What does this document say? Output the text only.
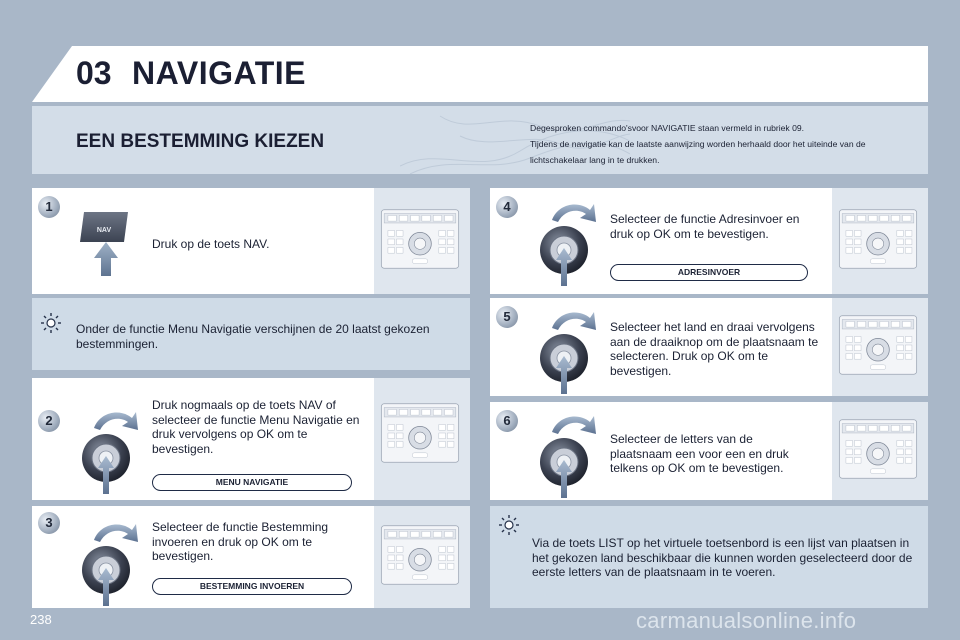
03 NAVIGATIE
EEN BESTEMMING KIEZEN
Degesproken commando'svoor NAVIGATIE staan vermeld in rubriek 09.
Tijdens de navigatie kan de laatste aanwijzing worden herhaald door het uiteinde van de lichtschakelaar lang in te drukken.
1
NAV
Druk op de toets NAV.
Onder de functie Menu Navigatie verschijnen de 20 laatst gekozen bestemmingen.
2
Druk nogmaals op de toets NAV of selecteer de functie Menu Navigatie en druk vervolgens op OK om te bevestigen.
MENU NAVIGATIE
3	Selecteer de functie Bestemming invoeren en druk op OK om te bevestigen.
BESTEMMING INVOEREN
4
Selecteer de functie Adresinvoer en druk op OK om te bevestigen.
ADRESINVOER
5
Selecteer het land en draai vervolgens aan de draaiknop om de plaatsnaam te selecteren. Druk op OK om te bevestigen.
6
Selecteer de letters van de plaatsnaam een voor een en druk telkens op OK om te bevestigen.
Via de toets LIST op het virtuele toetsenbord is een lijst van plaatsen in het gekozen land beschikbaar die kunnen worden geselecteerd door de eerste letters van de plaatsnaam in te voeren.
238	carmanualsonline.info
